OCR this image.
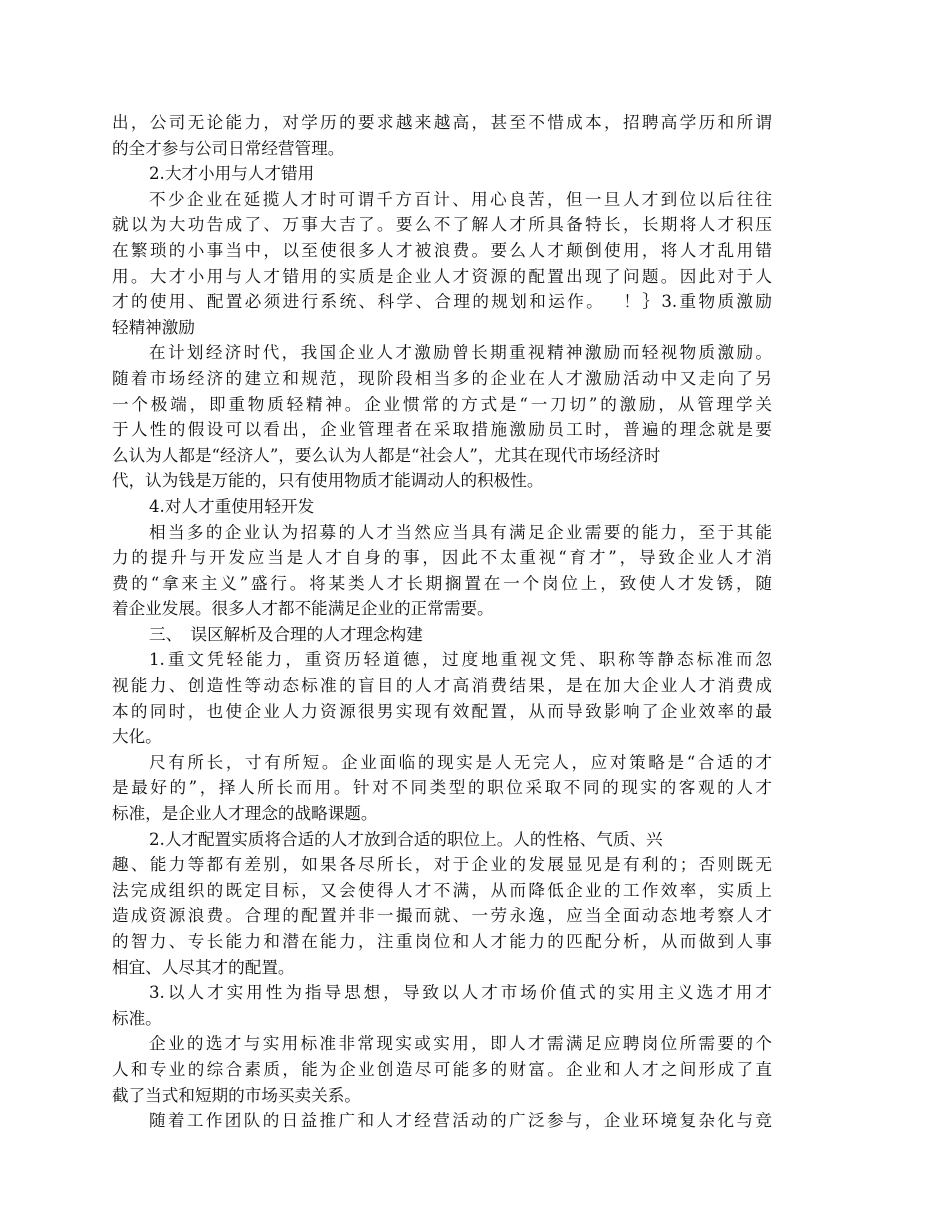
出，公司无论能力，对学历的要求越来越高，甚至不惜成本，招聘高学历和所谓
的全才参与公司日常经营管理。
2.大才小用与人才错用
不少企业在延揽人才时可谓千方百计、用心良苦，但一旦人才到位以后往往
就以为大功告成了、万事大吉了。要么不了解人才所具备特长，长期将人才积压
在繁琐的小事当中，以至使很多人才被浪费。要么人才颠倒使用，将人才乱用错
用。大才小用与人才错用的实质是企业人才资源的配置出现了问题。因此对于人
才的使用、配置必须进行系统、科学、合理的规划和运作。　 ！｝3.重物质激励
轻精神激励
在计划经济时代，我国企业人才激励曾长期重视精神激励而轻视物质激励。
随着市场经济的建立和规范，现阶段相当多的企业在人才激励活动中又走向了另
一个极端，即重物质轻精神。企业惯常的方式是“一刀切”的激励，从管理学关
于人性的假设可以看出，企业管理者在采取措施激励员工时，普遍的理念就是要
么认为人都是“经济人”，要么认为人都是“社会人”，尤其在现代市场经济时
代，认为钱是万能的，只有使用物质才能调动人的积极性。
4.对人才重使用轻开发
相当多的企业认为招募的人才当然应当具有满足企业需要的能力，至于其能
力的提升与开发应当是人才自身的事，因此不太重视“育才”，导致企业人才消
费的“拿来主义”盛行。将某类人才长期搁置在一个岗位上，致使人才发锈，随
着企业发展。很多人才都不能满足企业的正常需要。
三、　误区解析及合理的人才理念构建
1.重文凭轻能力，重资历轻道德，过度地重视文凭、职称等静态标准而忽
视能力、创造性等动态标准的盲目的人才高消费结果，是在加大企业人才消费成
本的同时，也使企业人力资源很男实现有效配置，从而导致影响了企业效率的最
大化。
尺有所长，寸有所短。企业面临的现实是人无完人，应对策略是“合适的才
是最好的”，择人所长而用。针对不同类型的职位采取不同的现实的客观的人才
标准，是企业人才理念的战略课题。
2.人才配置实质将合适的人才放到合适的职位上。人的性格、气质、兴
趣、能力等都有差别，如果各尽所长，对于企业的发展显见是有利的；否则既无
法完成组织的既定目标，又会使得人才不满，从而降低企业的工作效率，实质上
造成资源浪费。合理的配置并非一撮而就、一劳永逸，应当全面动态地考察人才
的智力、专长能力和潜在能力，注重岗位和人才能力的匹配分析，从而做到人事
相宜、人尽其才的配置。
3.以人才实用性为指导思想，导致以人才市场价值式的实用主义选才用才
标准。
企业的选才与实用标准非常现实或实用，即人才需满足应聘岗位所需要的个
人和专业的综合素质，能为企业创造尽可能多的财富。企业和人才之间形成了直
截了当式和短期的市场买卖关系。
随着工作团队的日益推广和人才经营活动的广泛参与，企业环境复杂化与竞
